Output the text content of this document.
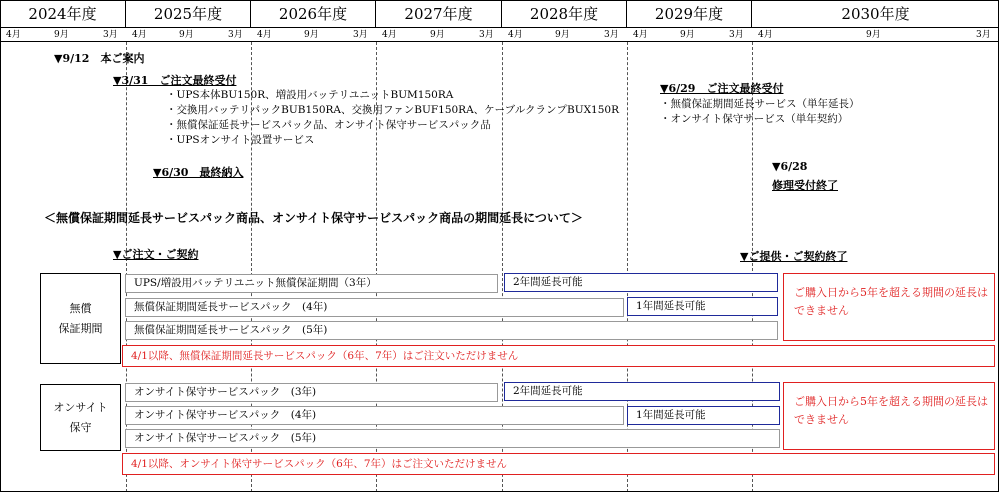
2024年度	2025年度	2026年度	2027年度	2028年度	2029年度	2030年度
4月	9月	3月 4月	9月	3月 4月	9月	3月 4月	9月	3月 4月	9月	3月 4月	9月	3月 4月	9月	3月
▼9/12　本ご案内
▼3/31　ご注文最終受付
・UPS本体BU150R、増設用バッテリユニットBUM150RA
・交換用バッテリパックBUB150RA、交換用ファンBUF150RA、ケーブルクランプBUX150R
・無償保証延長サービスパック品、オンサイト保守サービスパック品
・UPSオンサイト設置サービス
▼6/30　最終納入
▼6/29　ご注文最終受付
・無償保証期間延長サービス（単年延長）
・オンサイト保守サービス（単年契約）
▼6/28
修理受付終了
＜無償保証期間延長サービスパック商品、オンサイト保守サービスパック商品の期間延長について＞
▼ご注文・ご契約	▼ご提供・ご契約終了
無償
保証期間
UPS/増設用バッテリユニット無償保証期間（3年）	2年間延長可能
無償保証期間延長サービスパック　(4年)	1年間延長可能
無償保証期間延長サービスパック　(5年)
ご購入日から5年を超える期間の延長はできません
4/1以降、無償保証期間延長サービスパック（6年、7年）はご注文いただけません
オンサイト
保守
オンサイト保守サービスパック　(3年)	2年間延長可能
オンサイト保守サービスパック　(4年)	1年間延長可能
オンサイト保守サービスパック　(5年)
ご購入日から5年を超える期間の延長はできません
4/1以降、オンサイト保守サービスパック（6年、7年）はご注文いただけません
